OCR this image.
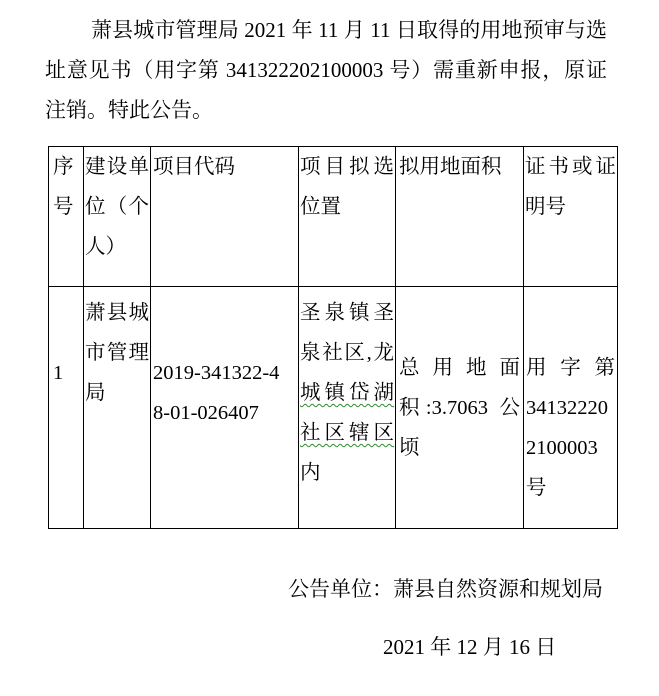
萧县城市管理局 2021 年 11 月 11 日取得的用地预审与选址意见书（用字第 341322202100003 号）需重新申报，原证注销。特此公告。
序号	建设单位（个人）	项目代码	项目拟选位置	拟用地面积	证书或证明号
1	萧县城市管理局	2019-341322-48-01-026407	圣泉镇圣泉社区,龙城镇岱湖社区辖区内	总用地面积:3.7063 公顷	用字第 341322202100003 号
公告单位：萧县自然资源和规划局
2021 年 12 月 16 日
